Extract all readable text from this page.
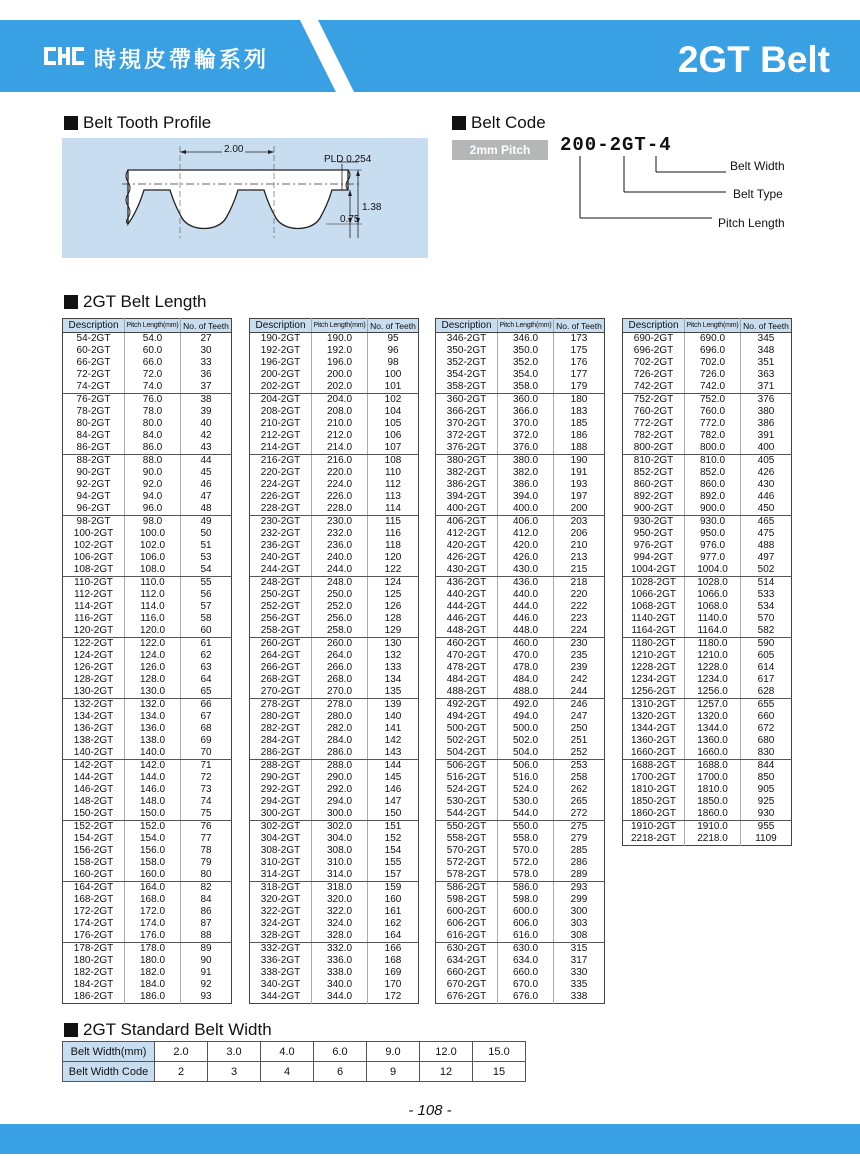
時規皮帶輪系列	2GT Belt
Belt Tooth Profile
2.00
PLD 0.254
1.38
0.75
Belt Code
2mm Pitch	200-2GT-4
Belt Width
Belt Type
Pitch Length
2GT Belt Length
Description	Pitch Length(mm)	No. of Teeth
54-2GT	54.0	27
60-2GT	60.0	30
66-2GT	66.0	33
72-2GT	72.0	36
74-2GT	74.0	37
76-2GT	76.0	38
78-2GT	78.0	39
80-2GT	80.0	40
84-2GT	84.0	42
86-2GT	86.0	43
88-2GT	88.0	44
90-2GT	90.0	45
92-2GT	92.0	46
94-2GT	94.0	47
96-2GT	96.0	48
98-2GT	98.0	49
100-2GT	100.0	50
102-2GT	102.0	51
106-2GT	106.0	53
108-2GT	108.0	54
110-2GT	110.0	55
112-2GT	112.0	56
114-2GT	114.0	57
116-2GT	116.0	58
120-2GT	120.0	60
122-2GT	122.0	61
124-2GT	124.0	62
126-2GT	126.0	63
128-2GT	128.0	64
130-2GT	130.0	65
132-2GT	132.0	66
134-2GT	134.0	67
136-2GT	136.0	68
138-2GT	138.0	69
140-2GT	140.0	70
142-2GT	142.0	71
144-2GT	144.0	72
146-2GT	146.0	73
148-2GT	148.0	74
150-2GT	150.0	75
152-2GT	152.0	76
154-2GT	154.0	77
156-2GT	156.0	78
158-2GT	158.0	79
160-2GT	160.0	80
164-2GT	164.0	82
168-2GT	168.0	84
172-2GT	172.0	86
174-2GT	174.0	87
176-2GT	176.0	88
178-2GT	178.0	89
180-2GT	180.0	90
182-2GT	182.0	91
184-2GT	184.0	92
186-2GT	186.0	93
Description	Pitch Length(mm)	No. of Teeth
190-2GT	190.0	95
192-2GT	192.0	96
196-2GT	196.0	98
200-2GT	200.0	100
202-2GT	202.0	101
204-2GT	204.0	102
208-2GT	208.0	104
210-2GT	210.0	105
212-2GT	212.0	106
214-2GT	214.0	107
216-2GT	216.0	108
220-2GT	220.0	110
224-2GT	224.0	112
226-2GT	226.0	113
228-2GT	228.0	114
230-2GT	230.0	115
232-2GT	232.0	116
236-2GT	236.0	118
240-2GT	240.0	120
244-2GT	244.0	122
248-2GT	248.0	124
250-2GT	250.0	125
252-2GT	252.0	126
256-2GT	256.0	128
258-2GT	258.0	129
260-2GT	260.0	130
264-2GT	264.0	132
266-2GT	266.0	133
268-2GT	268.0	134
270-2GT	270.0	135
278-2GT	278.0	139
280-2GT	280.0	140
282-2GT	282.0	141
284-2GT	284.0	142
286-2GT	286.0	143
288-2GT	288.0	144
290-2GT	290.0	145
292-2GT	292.0	146
294-2GT	294.0	147
300-2GT	300.0	150
302-2GT	302.0	151
304-2GT	304.0	152
308-2GT	308.0	154
310-2GT	310.0	155
314-2GT	314.0	157
318-2GT	318.0	159
320-2GT	320.0	160
322-2GT	322.0	161
324-2GT	324.0	162
328-2GT	328.0	164
332-2GT	332.0	166
336-2GT	336.0	168
338-2GT	338.0	169
340-2GT	340.0	170
344-2GT	344.0	172
Description	Pitch Length(mm)	No. of Teeth
346-2GT	346.0	173
350-2GT	350.0	175
352-2GT	352.0	176
354-2GT	354.0	177
358-2GT	358.0	179
360-2GT	360.0	180
366-2GT	366.0	183
370-2GT	370.0	185
372-2GT	372.0	186
376-2GT	376.0	188
380-2GT	380.0	190
382-2GT	382.0	191
386-2GT	386.0	193
394-2GT	394.0	197
400-2GT	400.0	200
406-2GT	406.0	203
412-2GT	412.0	206
420-2GT	420.0	210
426-2GT	426.0	213
430-2GT	430.0	215
436-2GT	436.0	218
440-2GT	440.0	220
444-2GT	444.0	222
446-2GT	446.0	223
448-2GT	448.0	224
460-2GT	460.0	230
470-2GT	470.0	235
478-2GT	478.0	239
484-2GT	484.0	242
488-2GT	488.0	244
492-2GT	492.0	246
494-2GT	494.0	247
500-2GT	500.0	250
502-2GT	502.0	251
504-2GT	504.0	252
506-2GT	506.0	253
516-2GT	516.0	258
524-2GT	524.0	262
530-2GT	530.0	265
544-2GT	544.0	272
550-2GT	550.0	275
558-2GT	558.0	279
570-2GT	570.0	285
572-2GT	572.0	286
578-2GT	578.0	289
586-2GT	586.0	293
598-2GT	598.0	299
600-2GT	600.0	300
606-2GT	606.0	303
616-2GT	616.0	308
630-2GT	630.0	315
634-2GT	634.0	317
660-2GT	660.0	330
670-2GT	670.0	335
676-2GT	676.0	338
Description	Pitch Length(mm)	No. of Teeth
690-2GT	690.0	345
696-2GT	696.0	348
702-2GT	702.0	351
726-2GT	726.0	363
742-2GT	742.0	371
752-2GT	752.0	376
760-2GT	760.0	380
772-2GT	772.0	386
782-2GT	782.0	391
800-2GT	800.0	400
810-2GT	810.0	405
852-2GT	852.0	426
860-2GT	860.0	430
892-2GT	892.0	446
900-2GT	900.0	450
930-2GT	930.0	465
950-2GT	950.0	475
976-2GT	976.0	488
994-2GT	977.0	497
1004-2GT	1004.0	502
1028-2GT	1028.0	514
1066-2GT	1066.0	533
1068-2GT	1068.0	534
1140-2GT	1140.0	570
1164-2GT	1164.0	582
1180-2GT	1180.0	590
1210-2GT	1210.0	605
1228-2GT	1228.0	614
1234-2GT	1234.0	617
1256-2GT	1256.0	628
1310-2GT	1257.0	655
1320-2GT	1320.0	660
1344-2GT	1344.0	672
1360-2GT	1360.0	680
1660-2GT	1660.0	830
1688-2GT	1688.0	844
1700-2GT	1700.0	850
1810-2GT	1810.0	905
1850-2GT	1850.0	925
1860-2GT	1860.0	930
1910-2GT	1910.0	955
2218-2GT	2218.0	1109
2GT Standard Belt Width
Belt Width(mm)	2.0	3.0	4.0	6.0	9.0	12.0	15.0
Belt Width Code	2	3	4	6	9	12	15
- 108 -
